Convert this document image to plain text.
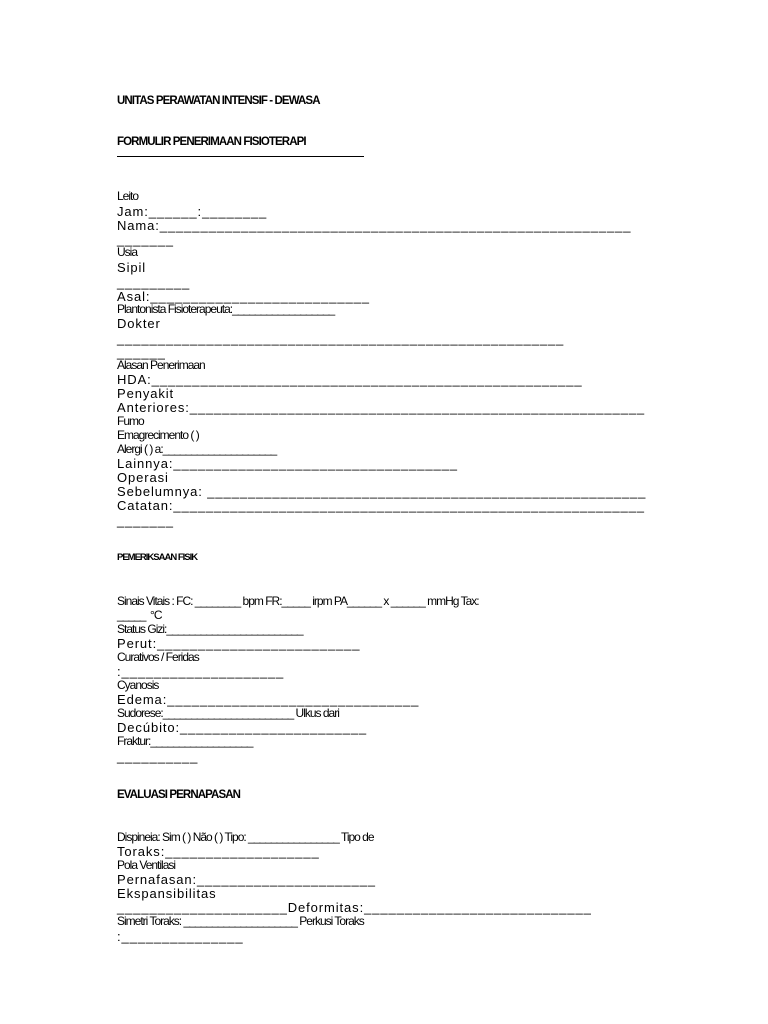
UNITAS PERAWATAN INTENSIF - DEWASA
FORMULIR PENERIMAAN FISIOTERAPI
Leito
Jam:______:________
Nama:__________________________________________________________
_______
Usia
Sipil
_________
Asal:___________________________
Plantonista Fisioterapeuta:__________________
Dokter
_______________________________________________________
______
Alasan Penerimaan
HDA:_____________________________________________________
Penyakit
Anteriores:________________________________________________________
Fumo
Emagrecimento ( )
Alergi ( ) a:____________________
Lainnya:___________________________________
Operasi
Sebelumnya: ______________________________________________________
Catatan:__________________________________________________________
_______
PEMERIKSAAN FISIK
Sinais Vitais : FC: ________ bpm FR:_____ irpm PA______ x ______ mmHg Tax:
_____  °C
Status Gizi:________________________
Perut:_________________________
Curativos / Feridas
:____________________
Cyanosis
Edema:_______________________________
Sudorese:_______________________ Ulkus dari
Decúbito:_______________________
Fraktur:__________________
__________
EVALUASI PERNAPASAN
Dispineia: Sim ( ) Não ( ) Tipo: ________________ Tipo de
Toraks:___________________
Pola Ventilasi
Pernafasan:______________________
Ekspansibilitas
_____________________Deformitas:____________________________
Simetri Toraks: ____________________ Perkusi Toraks
:_______________
